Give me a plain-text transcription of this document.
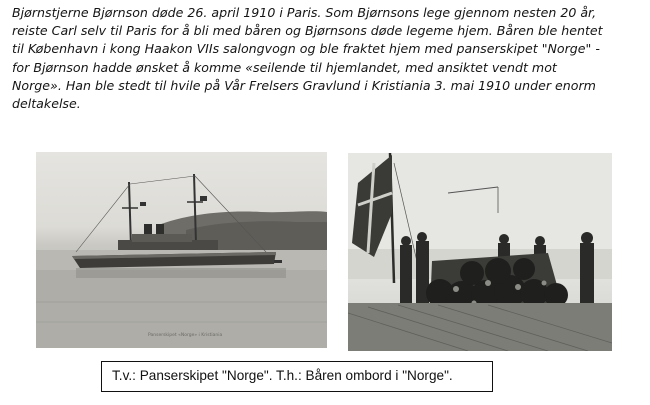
Bjørnstjerne Bjørnson døde 26. april 1910 i Paris. Som Bjørnsons lege gjennom nesten 20 år,
reiste Carl selv til Paris for å bli med båren og Bjørnsons døde legeme hjem. Båren ble hentet
til København i kong Haakon VIIs salongvogn og ble fraktet hjem med panserskipet "Norge" -
for Bjørnson hadde ønsket å komme «seilende til hjemlandet, med ansiktet vendt mot
Norge». Han ble stedt til hvile på Vår Frelsers Gravlund i Kristiania 3. mai 1910 under enorm
deltakelse.
Panserskipet «Norge» i Kristiania
T.v.: Panserskipet "Norge". T.h.: Båren ombord i "Norge".
